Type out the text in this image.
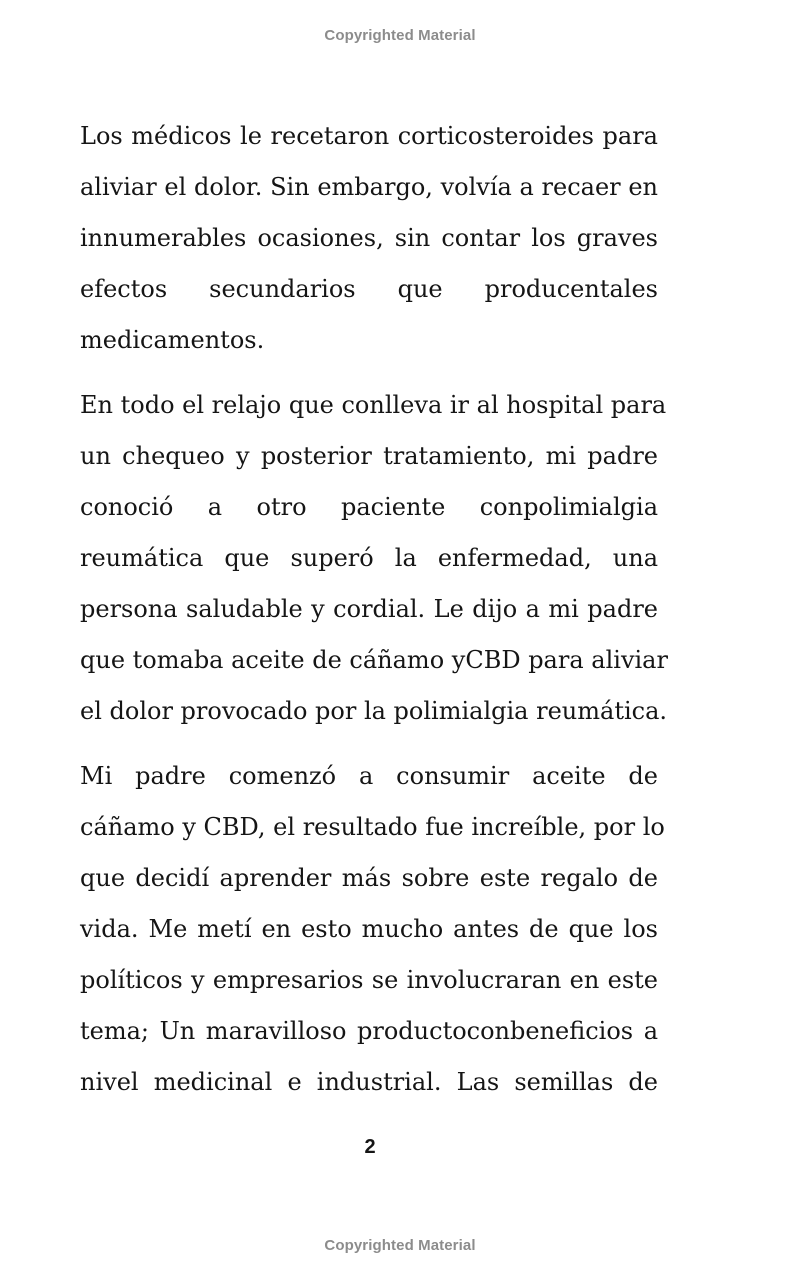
Copyrighted Material
Los médicos le recetaron corticosteroides para
aliviar el dolor. Sin embargo, volvía a recaer en
innumerables ocasiones, sin contar los graves
efectos secundarios que producentales
medicamentos.
En todo el relajo que conlleva ir al hospital para
un chequeo y posterior tratamiento, mi padre
conoció a otro paciente conpolimialgia
reumática que superó la enfermedad, una
persona saludable y cordial. Le dijo a mi padre
que tomaba aceite de cáñamo yCBD para aliviar
el dolor provocado por la polimialgia reumática.
Mi padre comenzó a consumir aceite de
cáñamo y CBD, el resultado fue increíble, por lo
que decidí aprender más sobre este regalo de
vida. Me metí en esto mucho antes de que los
políticos y empresarios se involucraran en este
tema; Un maravilloso productoconbeneficios a
nivel medicinal e industrial. Las semillas de
2
Copyrighted Material
